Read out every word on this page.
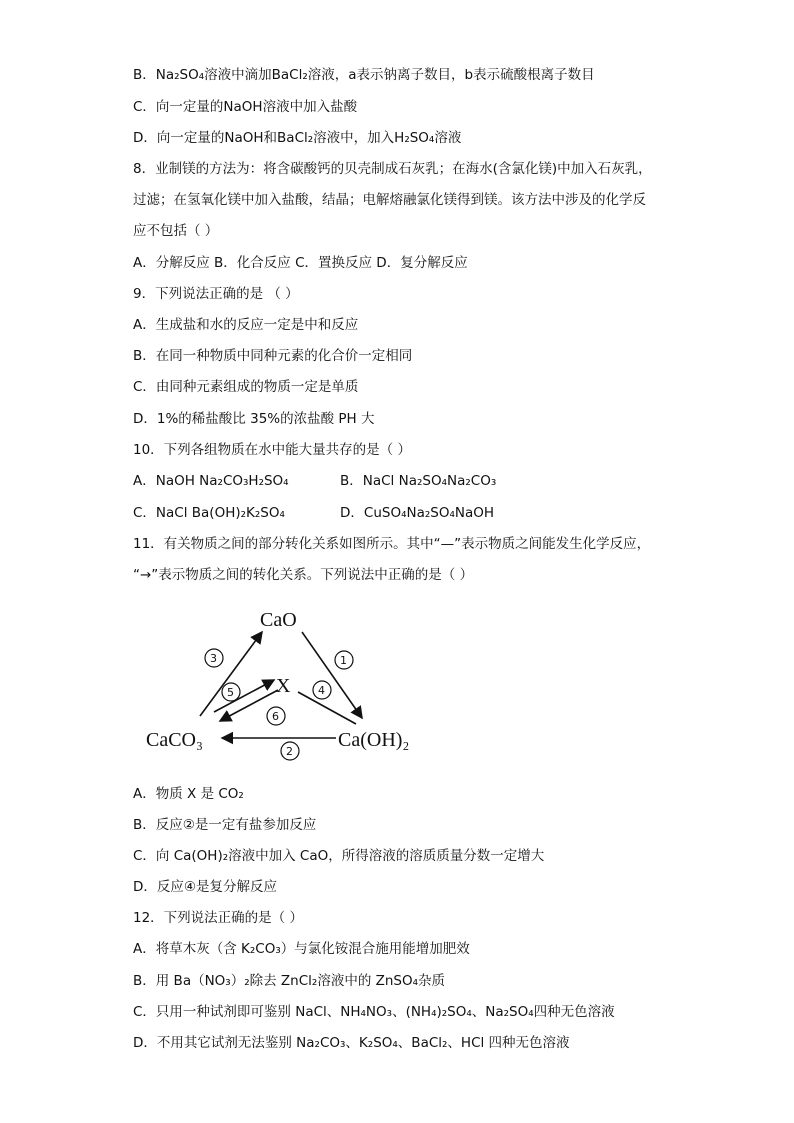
B．Na₂SO₄溶液中滴加BaCl₂溶液，a表示钠离子数目，b表示硫酸根离子数目
C．向一定量的NaOH溶液中加入盐酸
D．向一定量的NaOH和BaCl₂溶液中，加入H₂SO₄溶液
8．业制镁的方法为：将含碳酸钙的贝壳制成石灰乳；在海水(含氯化镁)中加入石灰乳，
过滤；在氢氧化镁中加入盐酸，结晶；电解熔融氯化镁得到镁。该方法中涉及的化学反
应不包括（ ）
A．分解反应 B．化合反应 C．置换反应 D．复分解反应
9．下列说法正确的是 （ ）
A．生成盐和水的反应一定是中和反应
B．在同一种物质中同种元素的化合价一定相同
C．由同种元素组成的物质一定是单质
D．1%的稀盐酸比 35%的浓盐酸 PH 大
10．下列各组物质在水中能大量共存的是（ ）
A．NaOH Na₂CO₃H₂SO₄	B．NaCl Na₂SO₄Na₂CO₃
C．NaCl Ba(OH)₂K₂SO₄	D．CuSO₄Na₂SO₄NaOH
11．有关物质之间的部分转化关系如图所示。其中“—”表示物质之间能发生化学反应，
“→”表示物质之间的转化关系。下列说法中正确的是（ ）
A．物质 X 是 CO₂
B．反应②是一定有盐参加反应
C．向 Ca(OH)₂溶液中加入 CaO，所得溶液的溶质质量分数一定增大
D．反应④是复分解反应
12．下列说法正确的是（ ）
A．将草木灰（含 K₂CO₃）与氯化铵混合施用能增加肥效
B．用 Ba（NO₃）₂除去 ZnCl₂溶液中的 ZnSO₄杂质
C．只用一种试剂即可鉴别 NaCl、NH₄NO₃、(NH₄)₂SO₄、Na₂SO₄四种无色溶液
D．不用其它试剂无法鉴别 Na₂CO₃、K₂SO₄、BaCl₂、HCl 四种无色溶液
CaO
X
CaCO₃	Ca(OH)₂
3	1
5	4
6
2
